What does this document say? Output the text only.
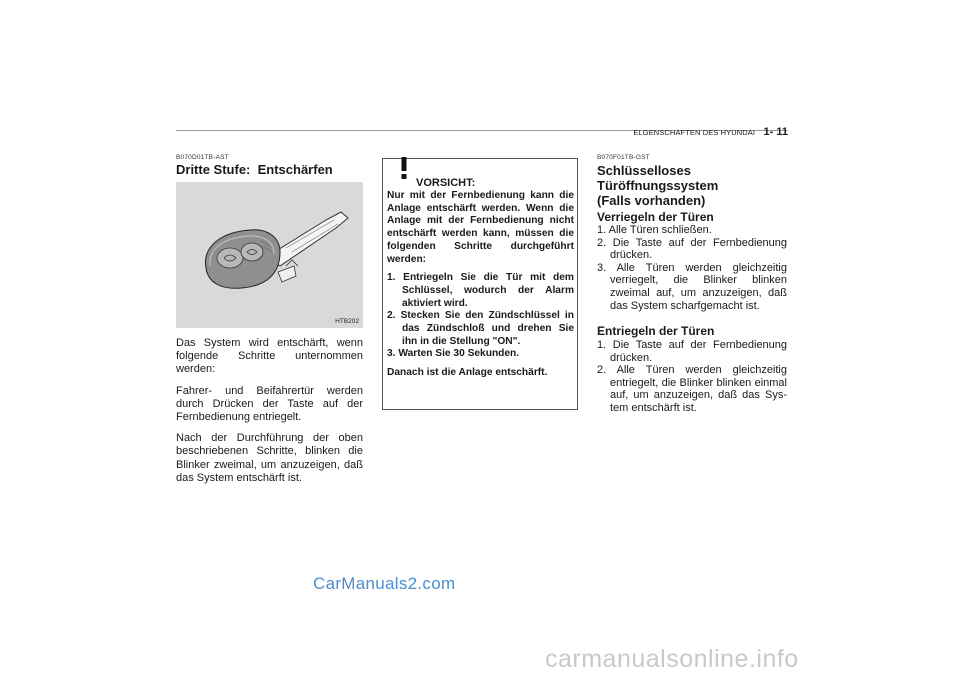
ELGENSCHAFTEN DES HYUNDAI 1- 11
B070D01TB-AST
Dritte Stufe:  Entschärfen
HTB202

Das System wird entschärft, wenn folgende Schritte unternommen werden:

Fahrer- und Beifahrertür werden durch Drücken der Taste auf der Fernbedienung entriegelt.

Nach der Durchführung der oben beschriebenen Schritte, blinken die Blinker zweimal, um anzuzeigen, daß das System entschärft ist.

VORSICHT:

Nur mit der Fernbedienung kann die Anlage entschärft werden. Wenn die Anlage mit der Fernbedienung nicht entschärft werden kann, müssen die folgenden Schritte durchgeführt werden:

1. Entriegeln Sie die Tür mit dem Schlüssel, wodurch der Alarm aktiviert wird.
2. Stecken Sie den Zündschlüssel in das Zündschloß und drehen Sie ihn in die Stellung "ON".
3. Warten Sie 30 Sekunden.

Danach ist die Anlage entschärft.

B070F01TB-GST
Schlüsselloses
Türöffnungssystem
(Falls vorhanden)
Verriegeln der Türen
1. Alle Türen schließen.
2. Die Taste auf der Fernbedienung drücken.
3. Alle Türen werden gleichzeitig verriegelt, die Blinker blinken zweimal auf, um anzuzeigen, daß das System scharfgemacht ist.
Entriegeln der Türen
1. Die Taste auf der Fernbedienung drücken.
2. Alle Türen werden gleichzeitig entriegelt, die Blinker blinken einmal auf, um anzuzeigen, daß das Sys- tem entschärft ist.
CarManuals2.com
carmanualsonline.info
